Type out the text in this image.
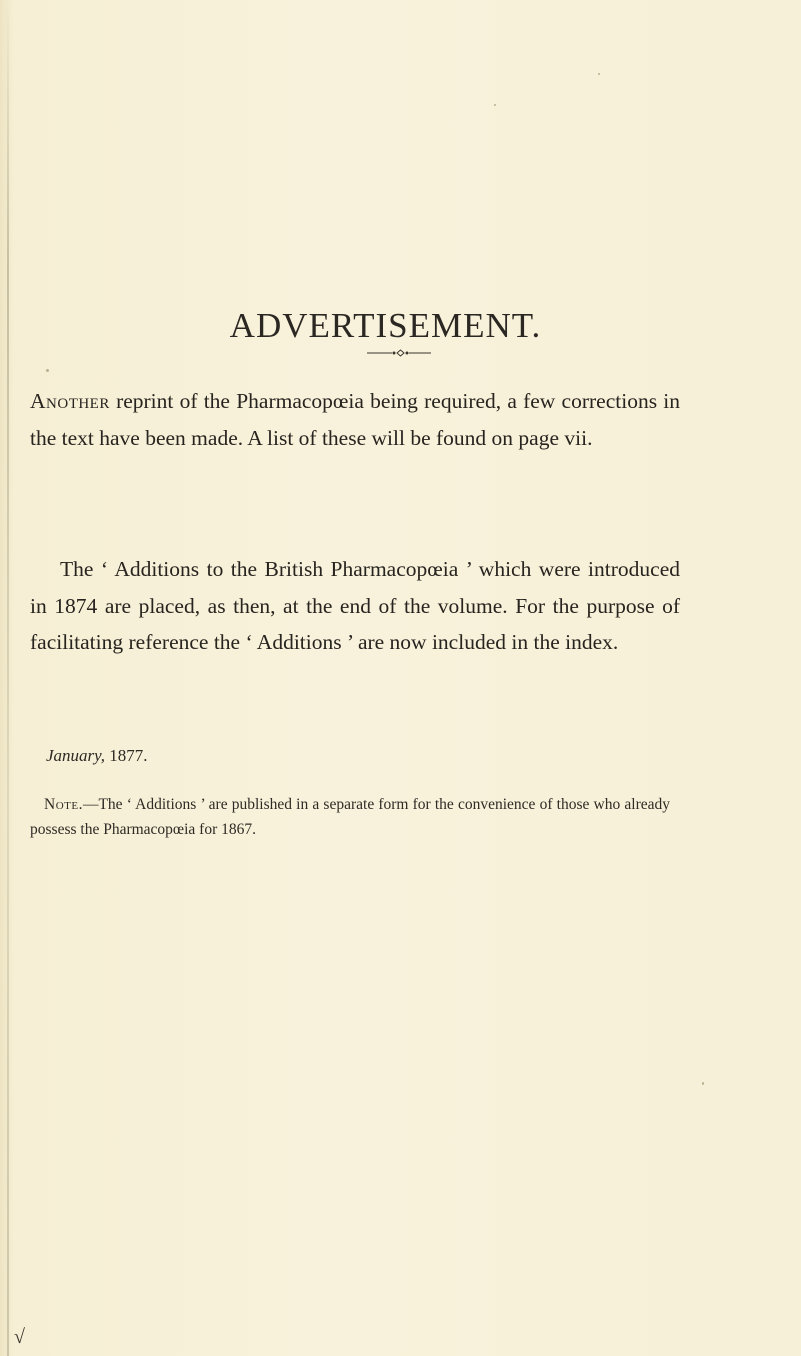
ADVERTISEMENT.

Another reprint of the Pharmacopœia being required, a few corrections in the text have been made. A list of these will be found on page vii.

The ‘ Additions to the British Pharmacopœia ’ which were introduced in 1874 are placed, as then, at the end of the volume. For the purpose of facilitating reference the ‘ Additions ’ are now included in the index.

January, 1877.

Note.—The ‘ Additions ’ are published in a separate form for the convenience of those who already possess the Pharmacopœia for 1867.

√
